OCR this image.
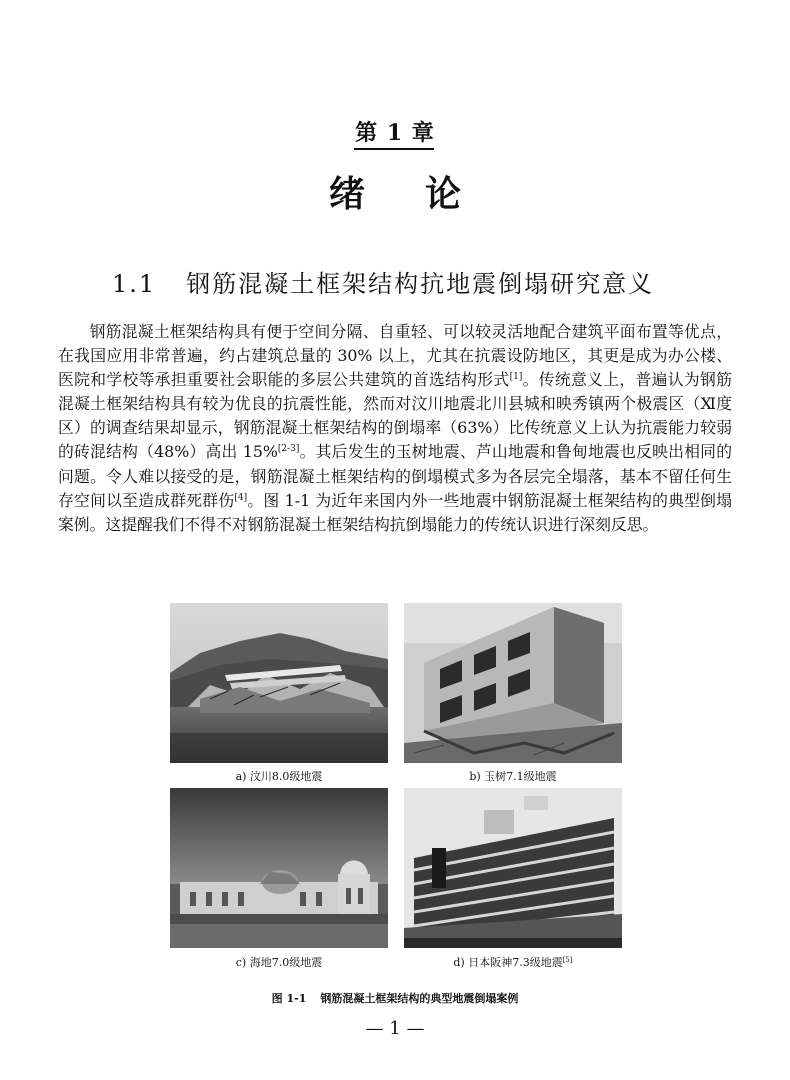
第 1 章
绪论
1.1 钢筋混凝土框架结构抗地震倒塌研究意义

钢筋混凝土框架结构具有便于空间分隔、自重轻、可以较灵活地配合建筑平面布置等优点，在我国应用非常普遍，约占建筑总量的 30% 以上，尤其在抗震设防地区，其更是成为办公楼、医院和学校等承担重要社会职能的多层公共建筑的首选结构形式[1]。传统意义上，普遍认为钢筋混凝土框架结构具有较为优良的抗震性能，然而对汶川地震北川县城和映秀镇两个极震区（Ⅺ度区）的调查结果却显示，钢筋混凝土框架结构的倒塌率（63%）比传统意义上认为抗震能力较弱的砖混结构（48%）高出 15%[2-3]。其后发生的玉树地震、芦山地震和鲁甸地震也反映出相同的问题。令人难以接受的是，钢筋混凝土框架结构的倒塌模式多为各层完全塌落，基本不留任何生存空间以至造成群死群伤[4]。图 1-1 为近年来国内外一些地震中钢筋混凝土框架结构的典型倒塌案例。这提醒我们不得不对钢筋混凝土框架结构抗倒塌能力的传统认识进行深刻反思。

a) 汶川8.0级地震	b) 玉树7.1级地震
c) 海地7.0级地震	d) 日本阪神7.3级地震[5]
图 1-1 钢筋混凝土框架结构的典型地震倒塌案例
— 1 —
